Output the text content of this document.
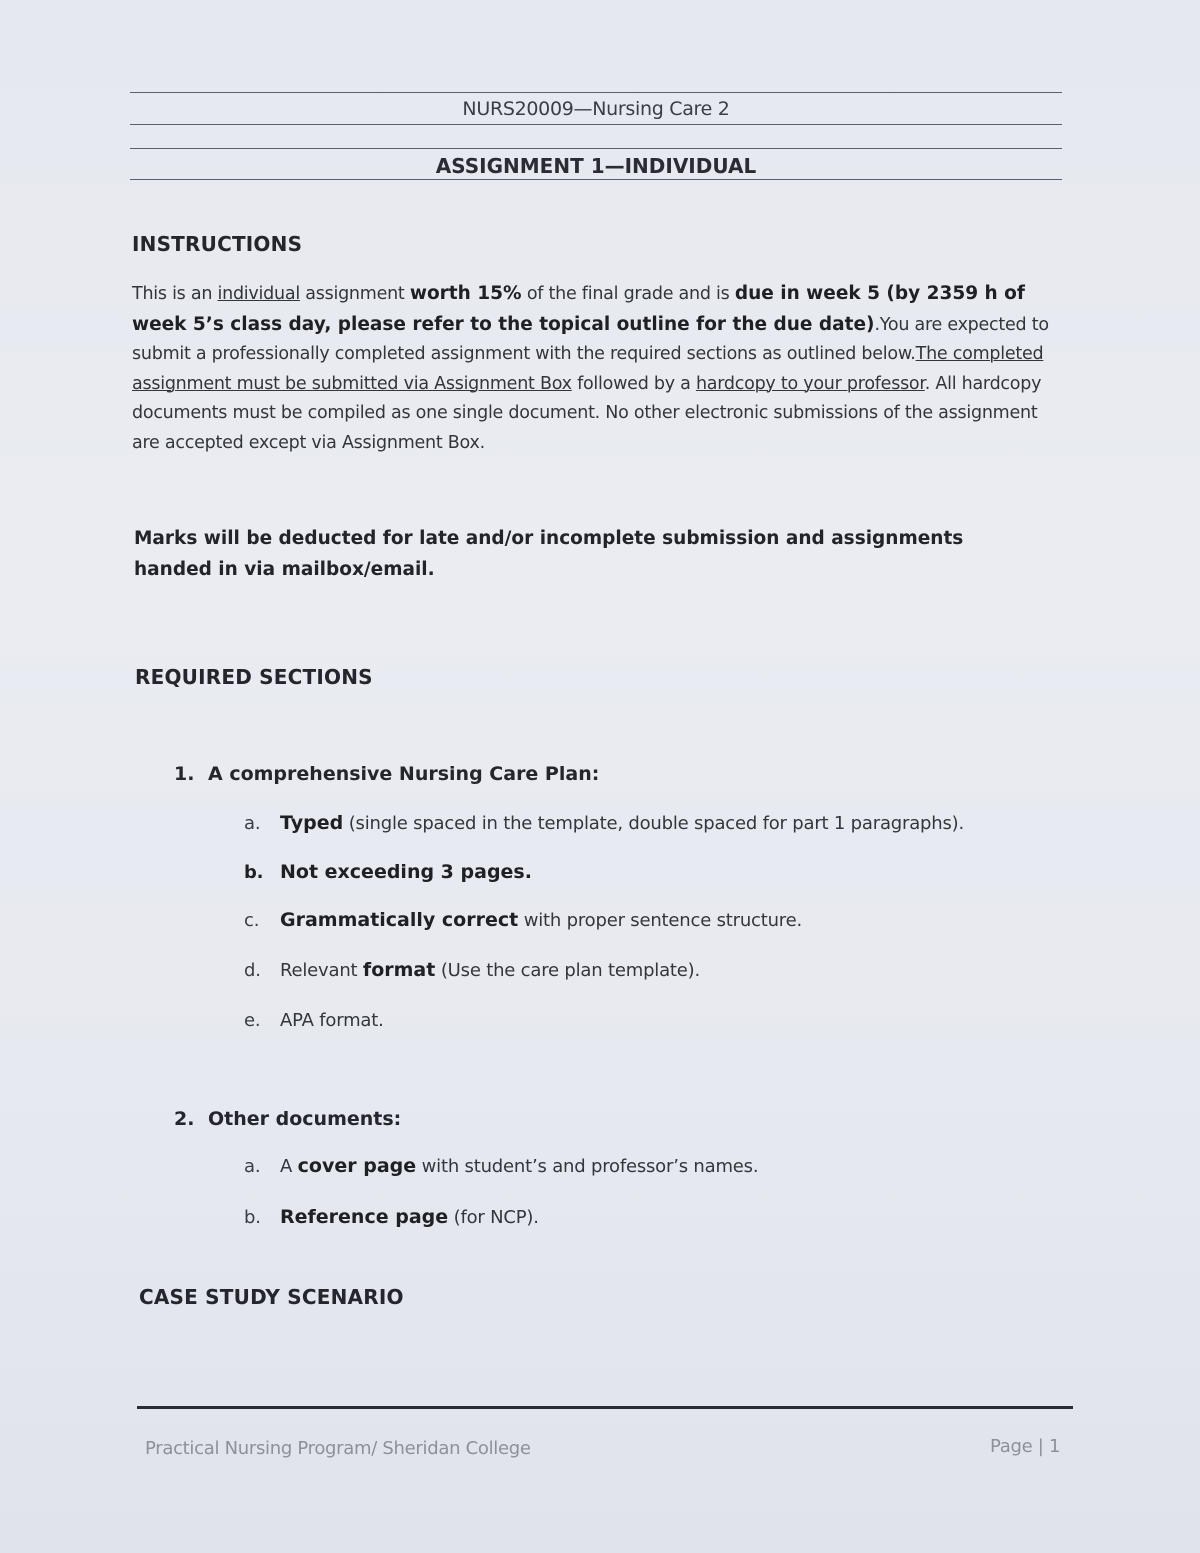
NURS20009—Nursing Care 2
ASSIGNMENT 1—INDIVIDUAL
INSTRUCTIONS
This is an individual assignment worth 15% of the final grade and is due in week 5 (by 2359 h of week 5’s class day, please refer to the topical outline for the due date).You are expected to submit a professionally completed assignment with the required sections as outlined below.The completed assignment must be submitted via Assignment Box followed by a hardcopy to your professor. All hardcopy documents must be compiled as one single document. No other electronic submissions of the assignment are accepted except via Assignment Box.
Marks will be deducted for late and/or incomplete submission and assignments handed in via mailbox/email.
REQUIRED SECTIONS
1. A comprehensive Nursing Care Plan:
a. Typed (single spaced in the template, double spaced for part 1 paragraphs).
b. Not exceeding 3 pages.
c. Grammatically correct with proper sentence structure.
d. Relevant format (Use the care plan template).
e. APA format.
2. Other documents:
a. A cover page with student’s and professor’s names.
b. Reference page (for NCP).
CASE STUDY SCENARIO
Practical Nursing Program/ Sheridan College	Page | 1
